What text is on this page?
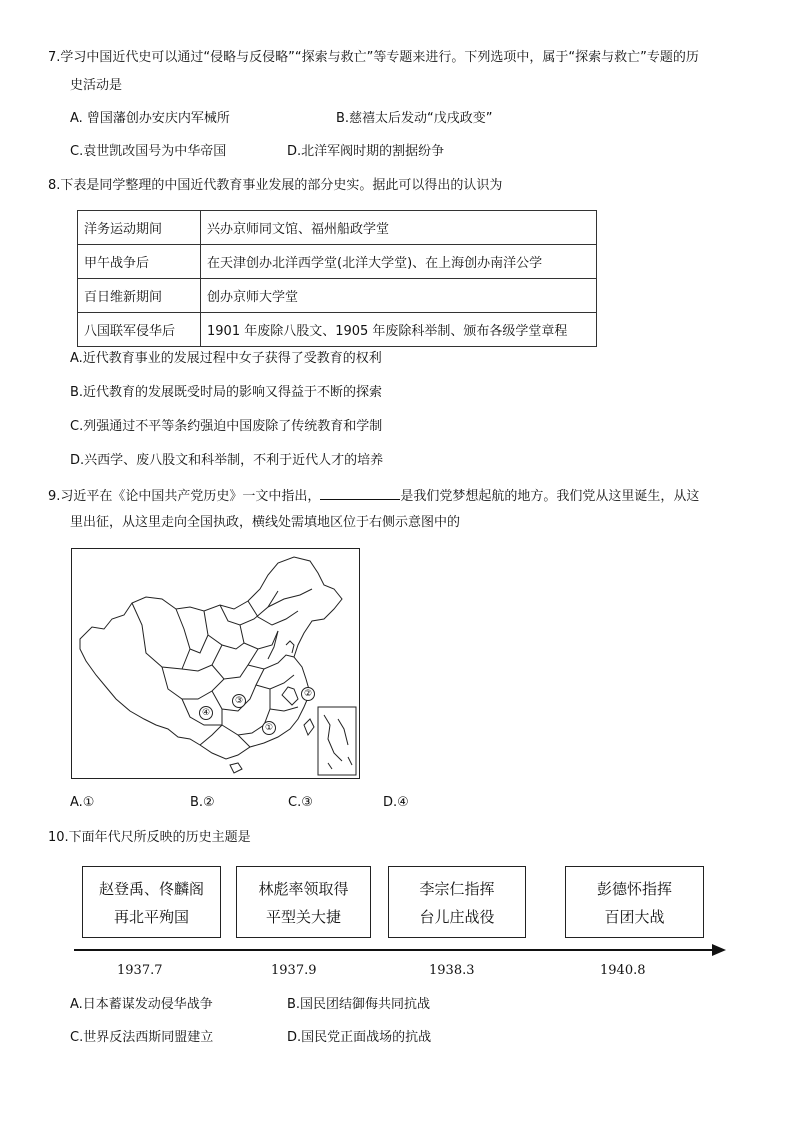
7.学习中国近代史可以通过“侵略与反侵略”“探索与救亡”等专题来进行。下列选项中，属于“探索与救亡”专题的历
史活动是
A. 曾国藩创办安庆内军械所	B.慈禧太后发动“戊戌政变”
C.袁世凯改国号为中华帝国	D.北洋军阀时期的割据纷争
8.下表是同学整理的中国近代教育事业发展的部分史实。据此可以得出的认识为
洋务运动期间	兴办京师同文馆、福州船政学堂
甲午战争后	在天津创办北洋西学堂(北洋大学堂)、在上海创办南洋公学
百日维新期间	创办京师大学堂
八国联军侵华后	1901 年废除八股文、1905 年废除科举制、颁布各级学堂章程
A.近代教育事业的发展过程中女子获得了受教育的权利
B.近代教育的发展既受时局的影响又得益于不断的探索
C.列强通过不平等条约强迫中国废除了传统教育和学制
D.兴西学、废八股文和科举制，不利于近代人才的培养
9.习近平在《论中国共产党历史》一文中指出，	是我们党梦想起航的地方。我们党从这里诞生，从这
里出征，从这里走向全国执政，横线处需填地区位于右侧示意图中的
①
②
③
④
A.①	B.②	C.③	D.④
10.下面年代尺所反映的历史主题是
赵登禹、佟麟阁
再北平殉国
林彪率领取得
平型关大捷
李宗仁指挥
台儿庄战役
彭德怀指挥
百团大战
1937.7	1937.9	1938.3	1940.8
A.日本蓄谋发动侵华战争	B.国民团结御侮共同抗战
C.世界反法西斯同盟建立	D.国民党正面战场的抗战
